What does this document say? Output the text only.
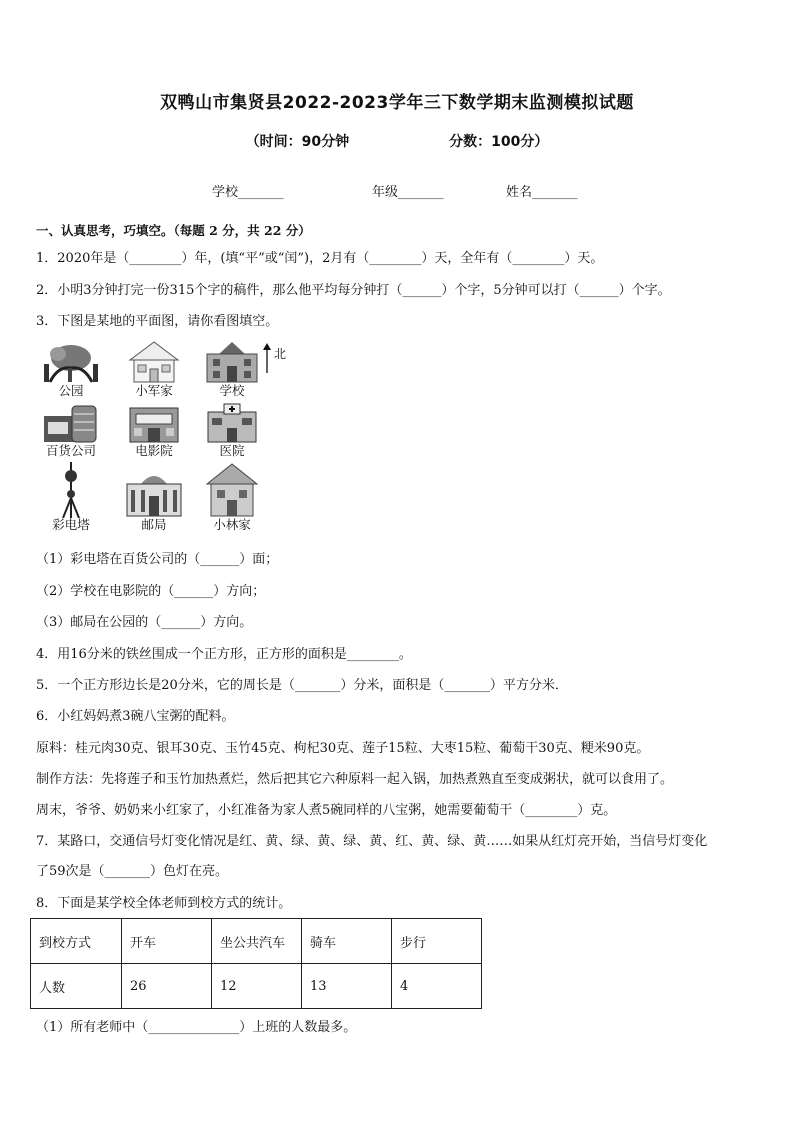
双鸭山市集贤县2022-2023学年三下数学期末监测模拟试题
（时间：90分钟	分数：100分）
学校_______	年级_______	姓名_______
一、认真思考，巧填空。（每题 2 分，共 22 分）
1．2020年是（________）年，(填“平”或“闰”)，2月有（________）天，全年有（________）天。
2．小明3分钟打完一份315个字的稿件，那么他平均每分钟打（______）个字，5分钟可以打（______）个字。
3．下图是某地的平面图，请你看图填空。
北
公园	小军家	学校
百货公司	电影院	医院
彩电塔	邮局	小林家
（1）彩电塔在百货公司的（______）面；
（2）学校在电影院的（______）方向；
（3）邮局在公园的（______）方向。
4．用16分米的铁丝围成一个正方形，正方形的面积是________。
5．一个正方形边长是20分米，它的周长是（_______）分米，面积是（_______）平方分米．
6．小红妈妈煮3碗八宝粥的配料。
原料：桂元肉30克、银耳30克、玉竹45克、枸杞30克、莲子15粒、大枣15粒、葡萄干30克、粳米90克。
制作方法：先将莲子和玉竹加热煮烂，然后把其它六种原料一起入锅，加热煮熟直至变成粥状，就可以食用了。
周末，爷爷、奶奶来小红家了，小红准备为家人煮5碗同样的八宝粥，她需要葡萄干（________）克。
7．某路口，交通信号灯变化情况是红、黄、绿、黄、绿、黄、红、黄、绿、黄……如果从红灯亮开始，当信号灯变化
了59次是（_______）色灯在亮。
8．下面是某学校全体老师到校方式的统计。
到校方式	开车	坐公共汽车	骑车	步行
人数	26	12	13	4
（1）所有老师中（______________）上班的人数最多。
